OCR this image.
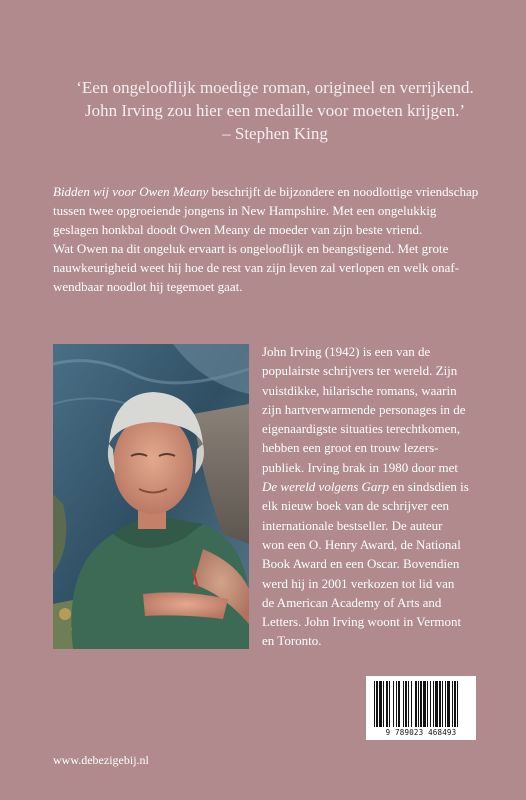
‘Een ongelooflijk moedige roman, origineel en verrijkend.
John Irving zou hier een medaille voor moeten krijgen.’
– Stephen King
Bidden wij voor Owen Meany beschrijft de bijzondere en noodlottige vriendschap
tussen twee opgroeiende jongens in New Hampshire. Met een ongelukkig
geslagen honkbal doodt Owen Meany de moeder van zijn beste vriend.
Wat Owen na dit ongeluk ervaart is ongelooflijk en beangstigend. Met grote
nauwkeurigheid weet hij hoe de rest van zijn leven zal verlopen en welk onaf-
wendbaar noodlot hij tegemoet gaat.
John Irving (1942) is een van de
populairste schrijvers ter wereld. Zijn
vuistdikke, hilarische romans, waarin
zijn hartverwarmende personages in de
eigenaardigste situaties terechtkomen,
hebben een groot en trouw lezers-
publiek. Irving brak in 1980 door met
De wereld volgens Garp en sindsdien is
elk nieuw boek van de schrijver een
internationale bestseller. De auteur
won een O. Henry Award, de National
Book Award en een Oscar. Bovendien
werd hij in 2001 verkozen tot lid van
de American Academy of Arts and
Letters. John Irving woont in Vermont
en Toronto.
9 789023 468493
www.debezigebij.nl
